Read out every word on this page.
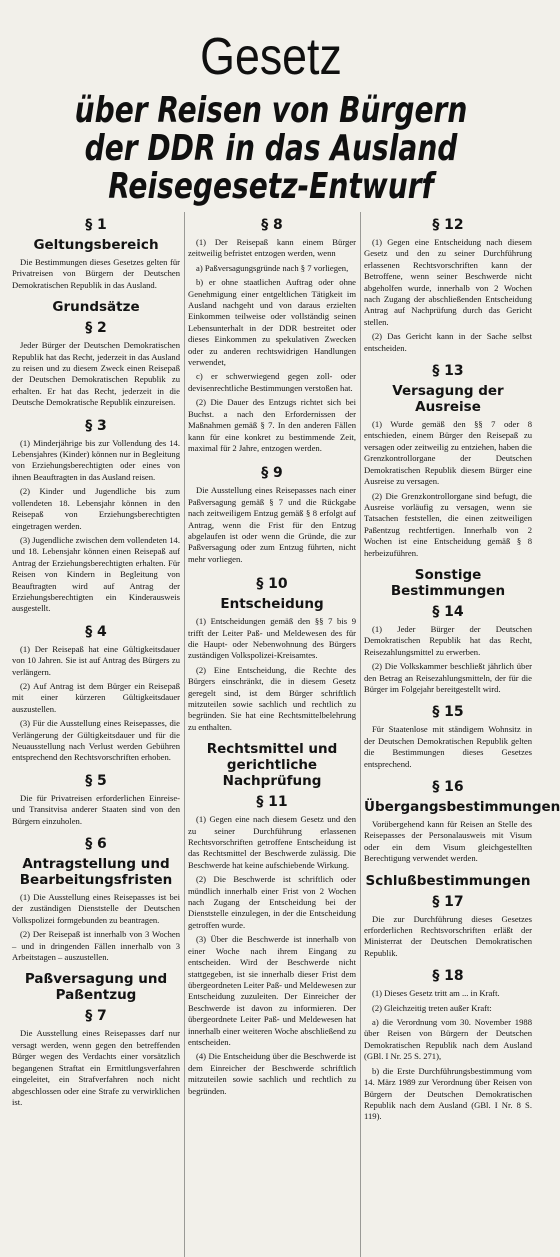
Gesetz
über Reisen von Bürgern
der DDR in das Ausland
Reisegesetz-Entwurf
§ 1
Geltungsbereich

Die Bestimmungen dieses Gesetzes gelten für Privatreisen von Bürgern der Deutschen Demokratischen Republik in das Ausland.

Grundsätze
§ 2

Jeder Bürger der Deutschen Demokratischen Republik hat das Recht, jederzeit in das Ausland zu reisen und zu diesem Zweck einen Reisepaß der Deutschen Demokratischen Republik zu erhalten. Er hat das Recht, jederzeit in die Deutsche Demokratische Republik einzureisen.

§ 3

(1) Minderjährige bis zur Vollendung des 14. Lebensjahres (Kinder) können nur in Begleitung von Erziehungsberechtigten oder eines von ihnen Beauftragten in das Ausland reisen.

(2) Kinder und Jugendliche bis zum vollendeten 18. Lebensjahr können in den Reisepaß von Erziehungsberechtigten eingetragen werden.

(3) Jugendliche zwischen dem vollendeten 14. und 18. Lebensjahr können einen Reisepaß auf Antrag der Erziehungsberechtigten erhalten. Für Reisen von Kindern in Begleitung von Beauftragten wird auf Antrag der Erziehungsberechtigten ein Kinderausweis ausgestellt.

§ 4

(1) Der Reisepaß hat eine Gültigkeitsdauer von 10 Jahren. Sie ist auf Antrag des Bürgers zu verlängern.

(2) Auf Antrag ist dem Bürger ein Reisepaß mit einer kürzeren Gültigkeitsdauer auszustellen.

(3) Für die Ausstellung eines Reisepasses, die Verlängerung der Gültigkeitsdauer und für die Neuausstellung nach Verlust werden Gebühren entsprechend den Rechtsvorschriften erhoben.

§ 5

Die für Privatreisen erforderlichen Einreise- und Transitvisa anderer Staaten sind von den Bürgern einzuholen.

§ 6
Antragstellung und Bearbeitungsfristen

(1) Die Ausstellung eines Reisepasses ist bei der zuständigen Dienststelle der Deutschen Volkspolizei formgebunden zu beantragen.

(2) Der Reisepaß ist innerhalb von 3 Wochen – und in dringenden Fällen innerhalb von 3 Arbeitstagen – auszustellen.

Paßversagung und Paßentzug
§ 7

Die Ausstellung eines Reisepasses darf nur versagt werden, wenn gegen den betreffenden Bürger wegen des Verdachts einer vorsätzlich begangenen Straftat ein Ermittlungsverfahren eingeleitet, ein Strafverfahren noch nicht abgeschlossen oder eine Strafe zu verwirklichen ist.

§ 8

(1) Der Reisepaß kann einem Bürger zeitweilig befristet entzogen werden, wenn

a) Paßversagungsgründe nach § 7 vorliegen,

b) er ohne staatlichen Auftrag oder ohne Genehmigung einer entgeltlichen Tätigkeit im Ausland nachgeht und von daraus erzielten Einkommen teilweise oder vollständig seinen Lebensunterhalt in der DDR bestreitet oder dieses Einkommen zu spekulativen Zwecken oder zu anderen rechtswidrigen Handlungen verwendet,

c) er schwerwiegend gegen zoll- oder devisenrechtliche Bestimmungen verstoßen hat.

(2) Die Dauer des Entzugs richtet sich bei Buchst. a nach den Erfordernissen der Maßnahmen gemäß § 7. In den anderen Fällen kann für eine konkret zu bestimmende Zeit, maximal für 2 Jahre, entzogen werden.

§ 9

Die Ausstellung eines Reisepasses nach einer Paßversagung gemäß § 7 und die Rückgabe nach zeitweiligem Entzug gemäß § 8 erfolgt auf Antrag, wenn die Frist für den Entzug abgelaufen ist oder wenn die Gründe, die zur Paßversagung oder zum Entzug führten, nicht mehr vorliegen.

§ 10
Entscheidung

(1) Entscheidungen gemäß den §§ 7 bis 9 trifft der Leiter Paß- und Meldewesen des für die Haupt- oder Nebenwohnung des Bürgers zuständigen Volkspolizei-Kreisamtes.

(2) Eine Entscheidung, die Rechte des Bürgers einschränkt, die in diesem Gesetz geregelt sind, ist dem Bürger schriftlich mitzuteilen sowie sachlich und rechtlich zu begründen. Sie hat eine Rechtsmittelbelehrung zu enthalten.

Rechtsmittel und gerichtliche Nachprüfung
§ 11

(1) Gegen eine nach diesem Gesetz und den zu seiner Durchführung erlassenen Rechtsvorschriften getroffene Entscheidung ist das Rechtsmittel der Beschwerde zulässig. Die Beschwerde hat keine aufschiebende Wirkung.

(2) Die Beschwerde ist schriftlich oder mündlich innerhalb einer Frist von 2 Wochen nach Zugang der Entscheidung bei der Dienststelle einzulegen, in der die Entscheidung getroffen wurde.

(3) Über die Beschwerde ist innerhalb von einer Woche nach ihrem Eingang zu entscheiden. Wird der Beschwerde nicht stattgegeben, ist sie innerhalb dieser Frist dem übergeordneten Leiter Paß- und Meldewesen zur Entscheidung zuzuleiten. Der Einreicher der Beschwerde ist davon zu informieren. Der übergeordnete Leiter Paß- und Meldewesen hat innerhalb einer weiteren Woche abschließend zu entscheiden.

(4) Die Entscheidung über die Beschwerde ist dem Einreicher der Beschwerde schriftlich mitzuteilen sowie sachlich und rechtlich zu begründen.

§ 12

(1) Gegen eine Entscheidung nach diesem Gesetz und den zu seiner Durchführung erlassenen Rechtsvorschriften kann der Betroffene, wenn seiner Beschwerde nicht abgeholfen wurde, innerhalb von 2 Wochen nach Zugang der abschließenden Entscheidung Antrag auf Nachprüfung durch das Gericht stellen.

(2) Das Gericht kann in der Sache selbst entscheiden.

§ 13
Versagung der Ausreise

(1) Wurde gemäß den §§ 7 oder 8 entschieden, einem Bürger den Reisepaß zu versagen oder zeitweilig zu entziehen, haben die Grenzkontrollorgane der Deutschen Demokratischen Republik diesem Bürger eine Ausreise zu versagen.

(2) Die Grenzkontrollorgane sind befugt, die Ausreise vorläufig zu versagen, wenn sie Tatsachen feststellen, die einen zeitweiligen Paßentzug rechtfertigen. Innerhalb von 2 Wochen ist eine Entscheidung gemäß § 8 herbeizuführen.

Sonstige Bestimmungen
§ 14

(1) Jeder Bürger der Deutschen Demokratischen Republik hat das Recht, Reisezahlungsmittel zu erwerben.

(2) Die Volkskammer beschließt jährlich über den Betrag an Reisezahlungsmitteln, der für die Bürger im Folgejahr bereitgestellt wird.

§ 15

Für Staatenlose mit ständigem Wohnsitz in der Deutschen Demokratischen Republik gelten die Bestimmungen dieses Gesetzes entsprechend.

§ 16
Übergangsbestimmungen

Vorübergehend kann für Reisen an Stelle des Reisepasses der Personalausweis mit Visum oder ein dem Visum gleichgestellten Berechtigung verwendet werden.

Schlußbestimmungen
§ 17

Die zur Durchführung dieses Gesetzes erforderlichen Rechtsvorschriften erläßt der Ministerrat der Deutschen Demokratischen Republik.

§ 18

(1) Dieses Gesetz tritt am ... in Kraft.

(2) Gleichzeitig treten außer Kraft:

a) die Verordnung vom 30. November 1988 über Reisen von Bürgern der Deutschen Demokratischen Republik nach dem Ausland (GBl. I Nr. 25 S. 271),

b) die Erste Durchführungsbestimmung vom 14. März 1989 zur Verordnung über Reisen von Bürgern der Deutschen Demokratischen Republik nach dem Ausland (GBl. I Nr. 8 S. 119).
